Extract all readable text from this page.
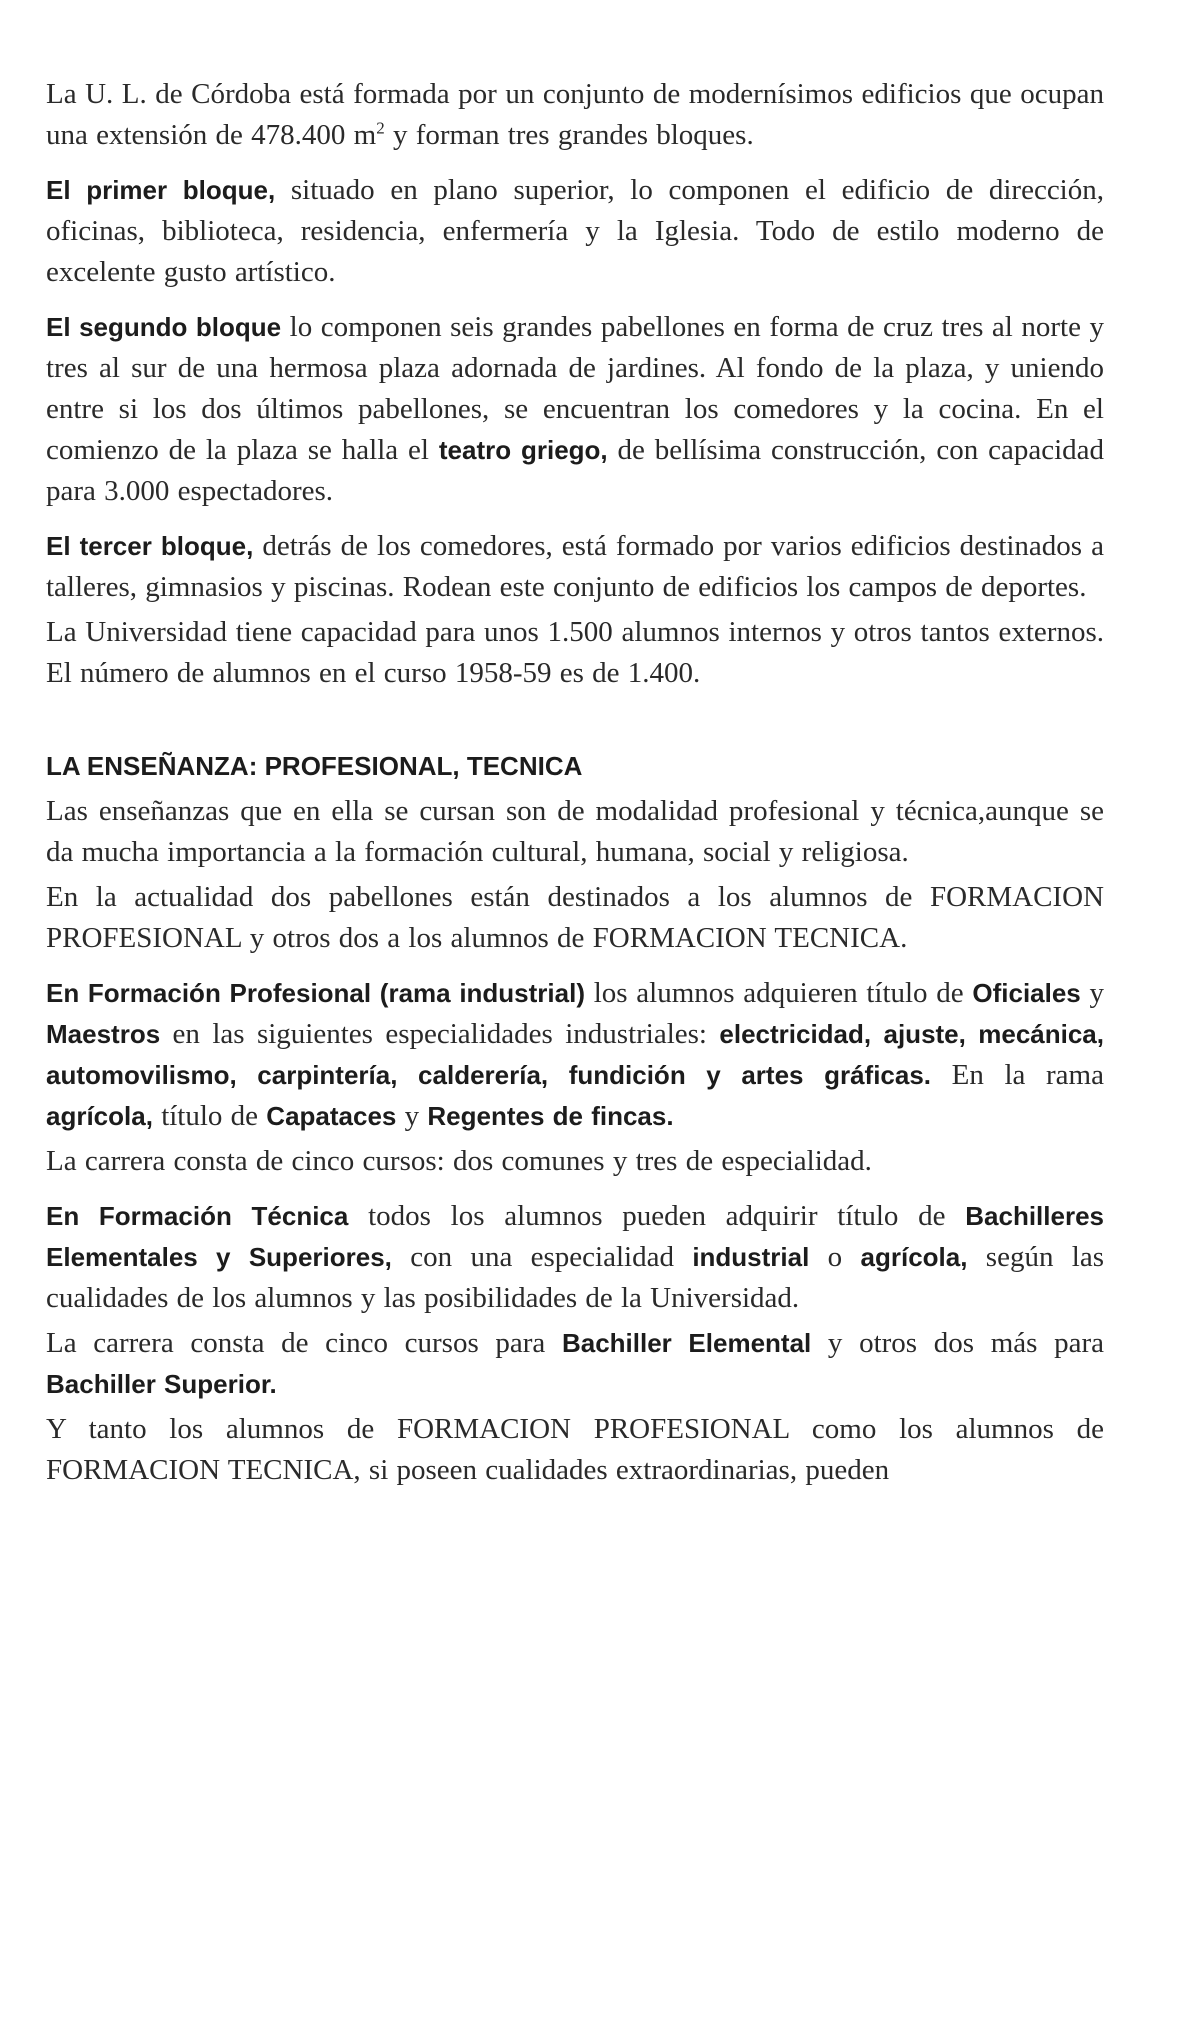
La U. L. de Córdoba está formada por un conjunto de modernísimos edificios que ocupan una extensión de 478.400 $m^2$ y forman tres grandes bloques.

El primer bloque, situado en plano superior, lo componen el edificio de dirección, oficinas, biblioteca, residencia, enfermería y la Iglesia. Todo de estilo moderno de excelente gusto artístico.

El segundo bloque lo componen seis grandes pabellones en forma de cruz tres al norte y tres al sur de una hermosa plaza adornada de jardines. Al fondo de la plaza, y uniendo entre si los dos últimos pabellones, se encuentran los comedores y la cocina. En el comienzo de la plaza se halla el teatro griego, de bellísima construcción, con capacidad para 3.000 espectadores.

El tercer bloque, detrás de los comedores, está formado por varios edificios destinados a talleres, gimnasios y piscinas. Rodean este conjunto de edificios los campos de deportes.

La Universidad tiene capacidad para unos 1.500 alumnos internos y otros tantos externos. El número de alumnos en el curso 1958-59 es de 1.400.

LA ENSEÑANZA: PROFESIONAL, TECNICA

Las enseñanzas que en ella se cursan son de modalidad profesional y técnica,aunque se da mucha importancia a la formación cultural, humana, social y religiosa.

En la actualidad dos pabellones están destinados a los alumnos de FORMACION PROFESIONAL y otros dos a los alumnos de FORMACION TECNICA.

En Formación Profesional (rama industrial) los alumnos adquieren título de Oficiales y Maestros en las siguientes especialidades industriales: electricidad, ajuste, mecánica, automovilismo, carpintería, calderería, fundición y artes gráficas. En la rama agrícola, título de Capataces y Regentes de fincas.

La carrera consta de cinco cursos: dos comunes y tres de especialidad.

En Formación Técnica todos los alumnos pueden adquirir título de Bachilleres Elementales y Superiores, con una especialidad industrial o agrícola, según las cualidades de los alumnos y las posibilidades de la Universidad.

La carrera consta de cinco cursos para Bachiller Elemental y otros dos más para Bachiller Superior.

Y tanto los alumnos de FORMACION PROFESIONAL como los alumnos de FORMACION TECNICA, si poseen cualidades extraordinarias, pueden
